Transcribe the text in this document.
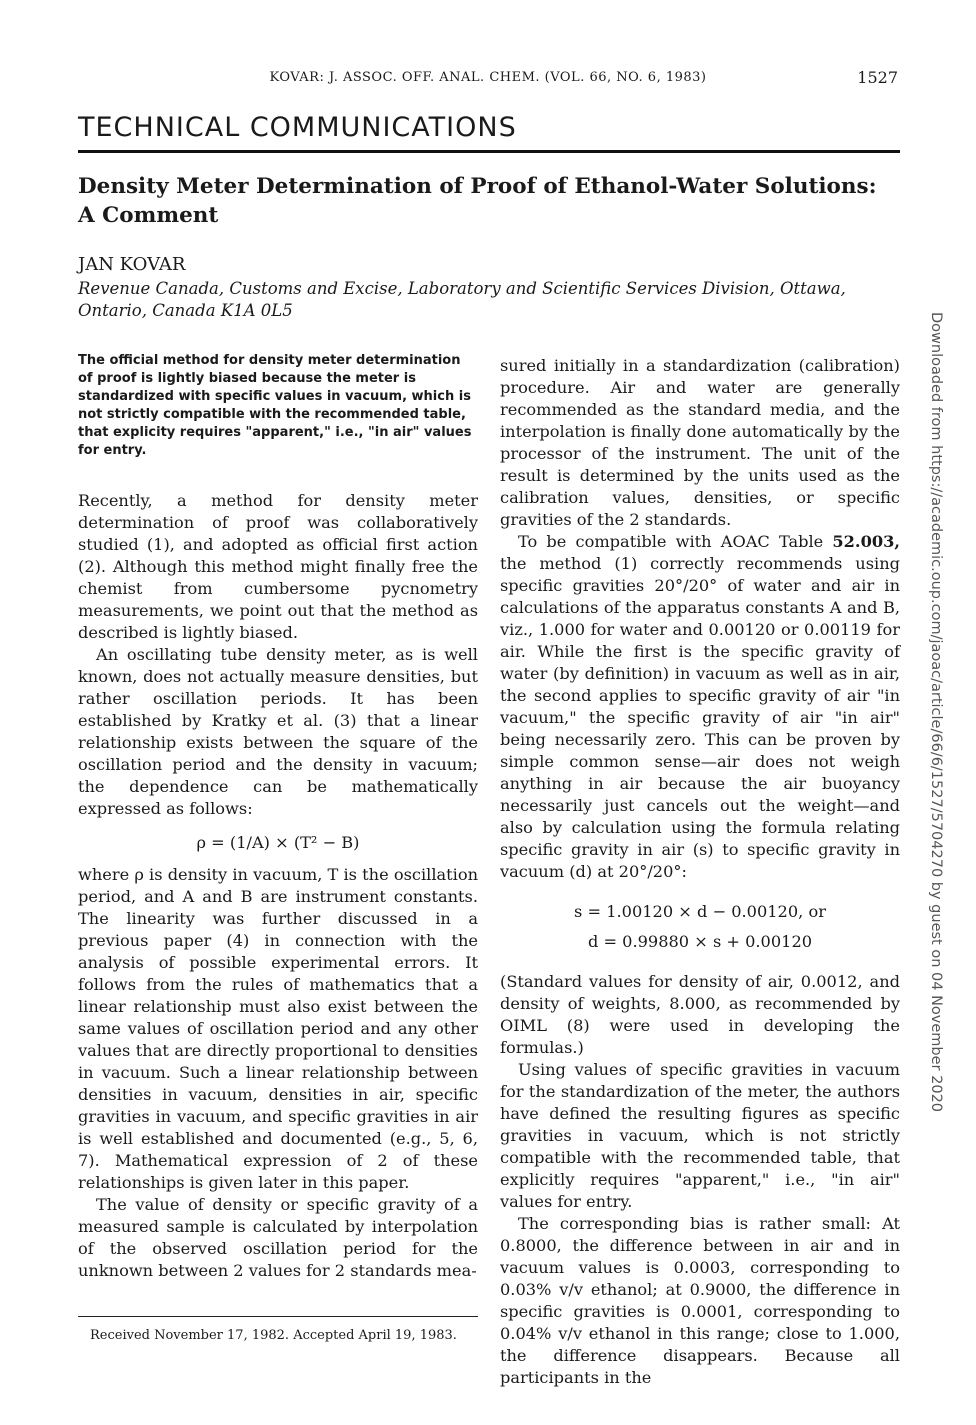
KOVAR: J. ASSOC. OFF. ANAL. CHEM. (VOL. 66, NO. 6, 1983)	1527
TECHNICAL COMMUNICATIONS
Density Meter Determination of Proof of Ethanol-Water Solutions: A Comment
JAN KOVAR
Revenue Canada, Customs and Excise, Laboratory and Scientific Services Division, Ottawa, Ontario, Canada K1A 0L5
Downloaded from https://academic.oup.com/jaoac/article/66/6/1527/5704270 by guest on 04 November 2020

The official method for density meter determination of proof is lightly biased because the meter is standardized with specific values in vacuum, which is not strictly compatible with the recommended table, that explicity requires "apparent," i.e., "in air" values for entry.

Recently, a method for density meter determination of proof was collaboratively studied (1), and adopted as official first action (2). Although this method might finally free the chemist from cumbersome pycnometry measurements, we point out that the method as described is lightly biased.

An oscillating tube density meter, as is well known, does not actually measure densities, but rather oscillation periods. It has been established by Kratky et al. (3) that a linear relationship exists between the square of the oscillation period and the density in vacuum; the dependence can be mathematically expressed as follows:

ρ = (1/A) × (T² − B)

where ρ is density in vacuum, T is the oscillation period, and A and B are instrument constants. The linearity was further discussed in a previous paper (4) in connection with the analysis of possible experimental errors. It follows from the rules of mathematics that a linear relationship must also exist between the same values of oscillation period and any other values that are directly proportional to densities in vacuum. Such a linear relationship between densities in vacuum, densities in air, specific gravities in vacuum, and specific gravities in air is well established and documented (e.g., 5, 6, 7). Mathematical expression of 2 of these relationships is given later in this paper.

The value of density or specific gravity of a measured sample is calculated by interpolation of the observed oscillation period for the unknown between 2 values for 2 standards mea-

sured initially in a standardization (calibration) procedure. Air and water are generally recommended as the standard media, and the interpolation is finally done automatically by the processor of the instrument. The unit of the result is determined by the units used as the calibration values, densities, or specific gravities of the 2 standards.

To be compatible with AOAC Table 52.003, the method (1) correctly recommends using specific gravities 20°/20° of water and air in calculations of the apparatus constants A and B, viz., 1.000 for water and 0.00120 or 0.00119 for air. While the first is the specific gravity of water (by definition) in vacuum as well as in air, the second applies to specific gravity of air "in vacuum," the specific gravity of air "in air" being necessarily zero. This can be proven by simple common sense—air does not weigh anything in air because the air buoyancy necessarily just cancels out the weight—and also by calculation using the formula relating specific gravity in air (s) to specific gravity in vacuum (d) at 20°/20°:

s = 1.00120 × d − 0.00120, or
d = 0.99880 × s + 0.00120

(Standard values for density of air, 0.0012, and density of weights, 8.000, as recommended by OIML (8) were used in developing the formulas.)

Using values of specific gravities in vacuum for the standardization of the meter, the authors have defined the resulting figures as specific gravities in vacuum, which is not strictly compatible with the recommended table, that explicitly requires "apparent," i.e., "in air" values for entry.

The corresponding bias is rather small: At 0.8000, the difference between in air and in vacuum values is 0.0003, corresponding to 0.03% v/v ethanol; at 0.9000, the difference in specific gravities is 0.0001, corresponding to 0.04% v/v ethanol in this range; close to 1.000, the difference disappears. Because all participants in the

Received November 17, 1982. Accepted April 19, 1983.
